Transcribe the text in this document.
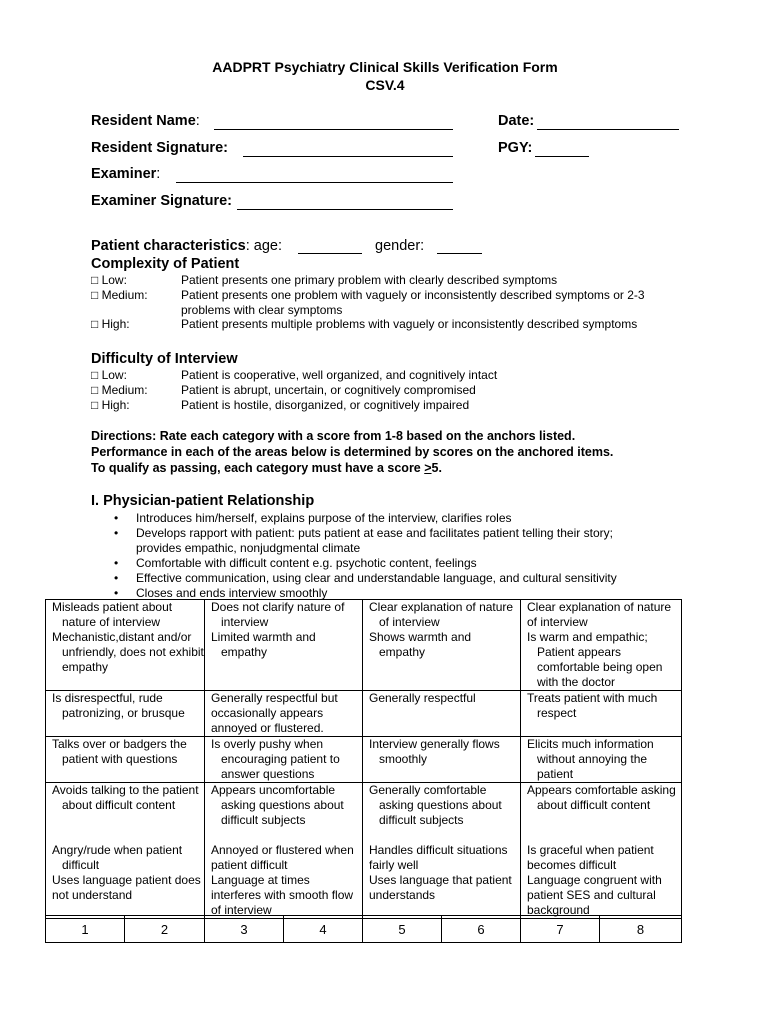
AADPRT Psychiatry Clinical Skills Verification Form
CSV.4
Resident Name:	Date:
Resident Signature:	PGY:
Examiner:
Examiner Signature:
Patient characteristics: age:	gender:
Complexity of Patient
□ Low:	Patient presents one primary problem with clearly described symptoms
□ Medium:	Patient presents one problem with vaguely or inconsistently described symptoms or 2-3 problems with clear symptoms
□ High:	Patient presents multiple problems with vaguely or inconsistently described symptoms
Difficulty of Interview
□ Low:	Patient is cooperative, well organized, and cognitively intact
□ Medium:	Patient is abrupt, uncertain, or cognitively compromised
□ High:	Patient is hostile, disorganized, or cognitively impaired
Directions: Rate each category with a score from 1-8 based on the anchors listed.
Performance in each of the areas below is determined by scores on the anchored items.
To qualify as passing, each category must have a score >5.
I. Physician-patient Relationship
• Introduces him/herself, explains purpose of the interview, clarifies roles
• Develops rapport with patient: puts patient at ease and facilitates patient telling their story; provides empathic, nonjudgmental climate
• Comfortable with difficult content e.g. psychotic content, feelings
• Effective communication, using clear and understandable language, and cultural sensitivity
• Closes and ends interview smoothly
Misleads patient about nature of interview	Does not clarify nature of interview	Clear explanation of nature of interview	Clear explanation of nature of interview

Mechanistic,distant and/or unfriendly, does not exhibit empathy	Limited warmth and empathy	Shows warmth and empathy	Is warm and empathic; Patient appears comfortable being open with the doctor

Is disrespectful, rude patronizing, or brusque	Generally respectful but occasionally appears annoyed or flustered.	Generally respectful	Treats patient with much respect

Talks over or badgers the patient with questions	Is overly pushy when encouraging patient to answer questions	Interview generally flows smoothly	Elicits much information without annoying the patient

Avoids talking to the patient about difficult content	Appears uncomfortable asking questions about difficult subjects	Generally comfortable asking questions about difficult subjects	Appears comfortable asking about difficult content

Angry/rude when patient difficult	Annoyed or flustered when patient difficult	Handles difficult situations fairly well	Is graceful when patient becomes difficult

Uses language patient does not understand	Language at times interferes with smooth flow of interview	Uses language that patient understands	Language congruent with patient SES and cultural background
1	2	3	4	5	6	7	8
